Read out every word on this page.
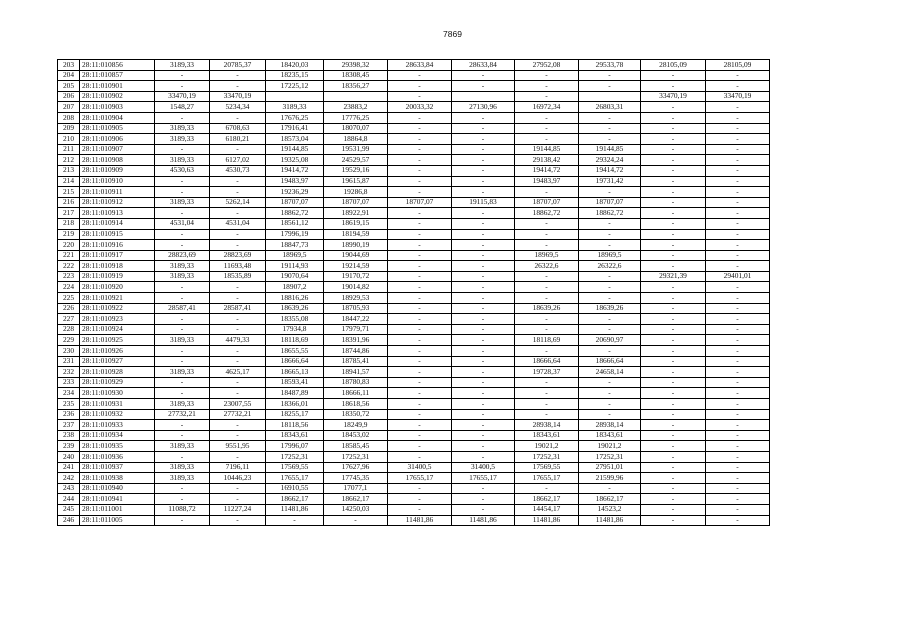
7869
203	28:11:010856	3189,33	20785,37	18420,03	29398,32	28633,84	28633,84	27952,08	29533,78	28105,09	28105,09
204	28:11:010857	-	-	18235,15	18308,45	-	-	-	-	-	-
205	28:11:010901	-	-	17225,12	18356,27	-	-	-	-	-	-
206	28:11:010902	33470,19	33470,19			-		-		33470,19	33470,19
207	28:11:010903	1548,27	5234,34	3189,33	23883,2	20033,32	27130,96	16972,34	26803,31	-	-
208	28:11:010904	-	-	17676,25	17776,25	-	-	-	-	-	-
209	28:11:010905	3189,33	6708,63	17916,41	18070,07	-	-	-	-	-	-
210	28:11:010906	3189,33	6180,21	18573,04	18864,8	-	-	-	-	-	-
211	28:11:010907	-	-	19144,85	19531,99	-	-	19144,85	19144,85	-	-
212	28:11:010908	3189,33	6127,02	19325,08	24529,57	-	-	29138,42	29324,24	-	-
213	28:11:010909	4530,63	4530,73	19414,72	19529,16	-	-	19414,72	19414,72	-	-
214	28:11:010910	-	-	19483,97	19615,87	-	-	19483,97	19731,42	-	-
215	28:11:010911	-	-	19236,29	19286,8	-	-	-	-	-	-
216	28:11:010912	3189,33	5262,14	18707,07	18707,07	18707,07	19115,83	18707,07	18707,07	-	-
217	28:11:010913	-	-	18862,72	18922,91	-	-	18862,72	18862,72	-	-
218	28:11:010914	4531,04	4531,04	18561,12	18619,15	-	-	-	-	-	-
219	28:11:010915	-	-	17996,19	18194,59	-	-	-	-	-	-
220	28:11:010916	-	-	18847,73	18990,19	-	-	-	-	-	-
221	28:11:010917	28823,69	28823,69	18969,5	19044,69	-	-	18969,5	18969,5	-	-
222	28:11:010918	3189,33	11693,48	19114,93	19214,59	-	-	26322,6	26322,6	-	-
223	28:11:010919	3189,33	18535,89	19070,64	19170,72	-	-	-	-	29321,39	29401,01
224	28:11:010920	-	-	18907,2	19014,82	-	-	-	-	-	-
225	28:11:010921	-	-	18816,26	18929,53	-	-	-	-	-	-
226	28:11:010922	28587,41	28587,41	18639,26	18705,93	-	-	18639,26	18639,26	-	-
227	28:11:010923	-	-	18355,08	18447,22	-	-	-	-	-	-
228	28:11:010924	-	-	17934,8	17979,71	-	-	-	-	-	-
229	28:11:010925	3189,33	4479,33	18118,69	18391,96	-	-	18118,69	20690,97	-	-
230	28:11:010926	-	-	18655,55	18744,86	-	-	-	-	-	-
231	28:11:010927	-	-	18666,64	18785,41	-	-	18666,64	18666,64	-	-
232	28:11:010928	3189,33	4625,17	18665,13	18941,57	-	-	19728,37	24658,14	-	-
233	28:11:010929	-	-	18593,41	18780,83	-	-	-	-	-	-
234	28:11:010930	-	-	18487,89	18666,11	-	-	-	-	-	-
235	28:11:010931	3189,33	23007,55	18366,01	18618,56	-	-	-	-	-	-
236	28:11:010932	27732,21	27732,21	18255,17	18350,72	-	-	-	-	-	-
237	28:11:010933	-	-	18118,56	18249,9	-	-	28938,14	28938,14	-	-
238	28:11:010934	-	-	18343,61	18453,02	-	-	18343,61	18343,61	-	-
239	28:11:010935	3189,33	9551,95	17996,07	18585,45	-	-	19021,2	19021,2	-	-
240	28:11:010936	-	-	17252,31	17252,31	-	-	17252,31	17252,31	-	-
241	28:11:010937	3189,33	7196,11	17569,55	17627,96	31400,5	31400,5	17569,55	27951,01	-	-
242	28:11:010938	3189,33	10446,23	17655,17	17745,35	17655,17	17655,17	17655,17	21599,96	-	-
243	28:11:010940	-	-	16910,55	17077,1	-	-	-	-	-	-
244	28:11:010941	-	-	18662,17	18662,17	-	-	18662,17	18662,17	-	-
245	28:11:011001	11088,72	11227,24	11481,86	14250,03	-	-	14454,17	14523,2	-	-
246	28:11:011005	-	-	-	-	11481,86	11481,86	11481,86	11481,86	-	-
